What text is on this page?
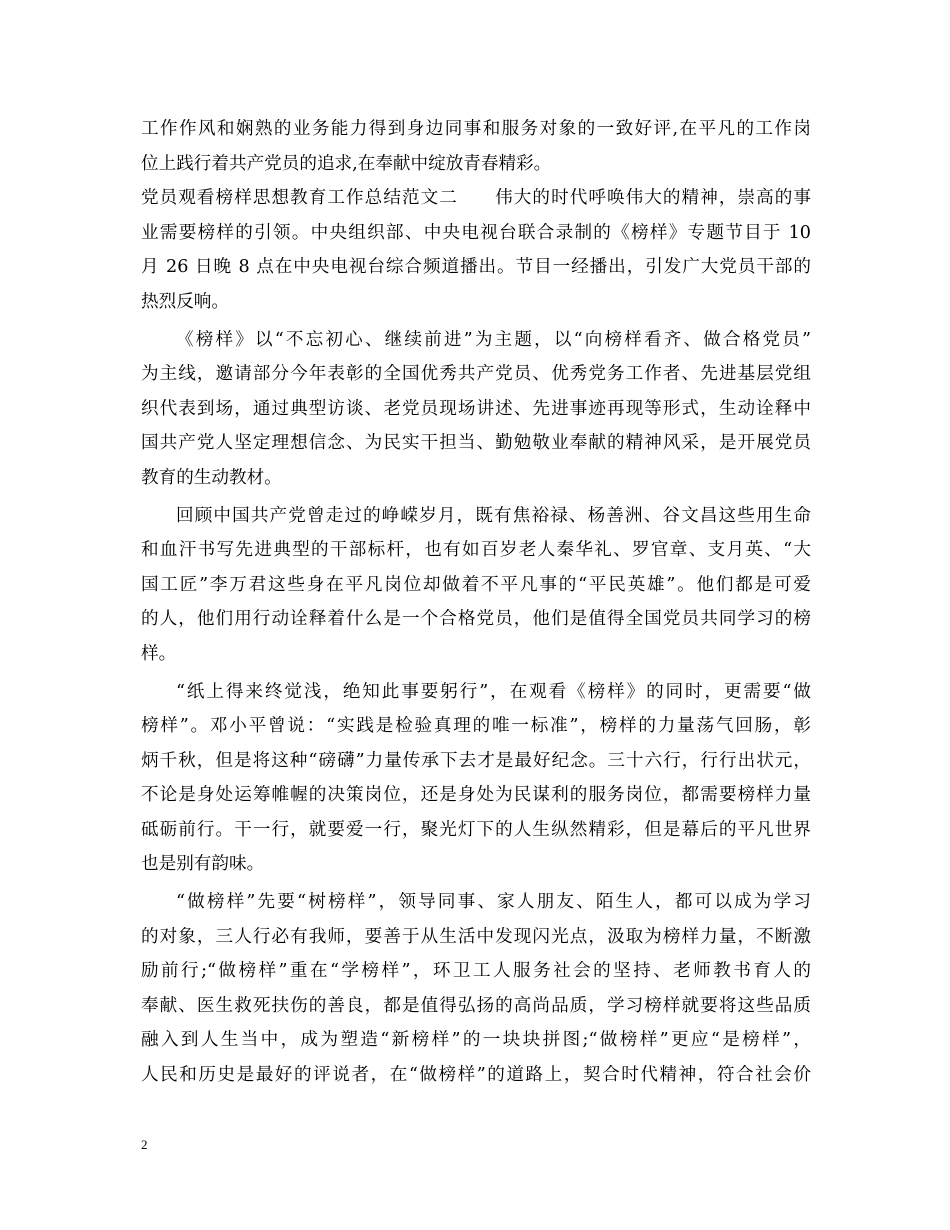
工作作风和娴熟的业务能力得到身边同事和服务对象的一致好评,在平凡的工作岗
位上践行着共产党员的追求,在奉献中绽放青春精彩。
党员观看榜样思想教育工作总结范文二　　伟大的时代呼唤伟大的精神，崇高的事
业需要榜样的引领。中央组织部、中央电视台联合录制的《榜样》专题节目于 10
月 26 日晚 8 点在中央电视台综合频道播出。节目一经播出，引发广大党员干部的
热烈反响。
《榜样》以“不忘初心、继续前进”为主题，以“向榜样看齐、做合格党员”
为主线，邀请部分今年表彰的全国优秀共产党员、优秀党务工作者、先进基层党组
织代表到场，通过典型访谈、老党员现场讲述、先进事迹再现等形式，生动诠释中
国共产党人坚定理想信念、为民实干担当、勤勉敬业奉献的精神风采，是开展党员
教育的生动教材。
回顾中国共产党曾走过的峥嵘岁月，既有焦裕禄、杨善洲、谷文昌这些用生命
和血汗书写先进典型的干部标杆，也有如百岁老人秦华礼、罗官章、支月英、“大
国工匠”李万君这些身在平凡岗位却做着不平凡事的“平民英雄”。他们都是可爱
的人，他们用行动诠释着什么是一个合格党员，他们是值得全国党员共同学习的榜
样。
“纸上得来终觉浅，绝知此事要躬行”，在观看《榜样》的同时，更需要“做
榜样”。邓小平曾说：“实践是检验真理的唯一标准”，榜样的力量荡气回肠，彰
炳千秋，但是将这种“磅礴”力量传承下去才是最好纪念。三十六行，行行出状元，
不论是身处运筹帷幄的决策岗位，还是身处为民谋利的服务岗位，都需要榜样力量
砥砺前行。干一行，就要爱一行，聚光灯下的人生纵然精彩，但是幕后的平凡世界
也是别有韵味。
“做榜样”先要“树榜样”，领导同事、家人朋友、陌生人，都可以成为学习
的对象，三人行必有我师，要善于从生活中发现闪光点，汲取为榜样力量，不断激
励前行;“做榜样”重在“学榜样”，环卫工人服务社会的坚持、老师教书育人的
奉献、医生救死扶伤的善良，都是值得弘扬的高尚品质，学习榜样就要将这些品质
融入到人生当中，成为塑造“新榜样”的一块块拼图;“做榜样”更应“是榜样”，
人民和历史是最好的评说者，在“做榜样”的道路上，契合时代精神，符合社会价
2
